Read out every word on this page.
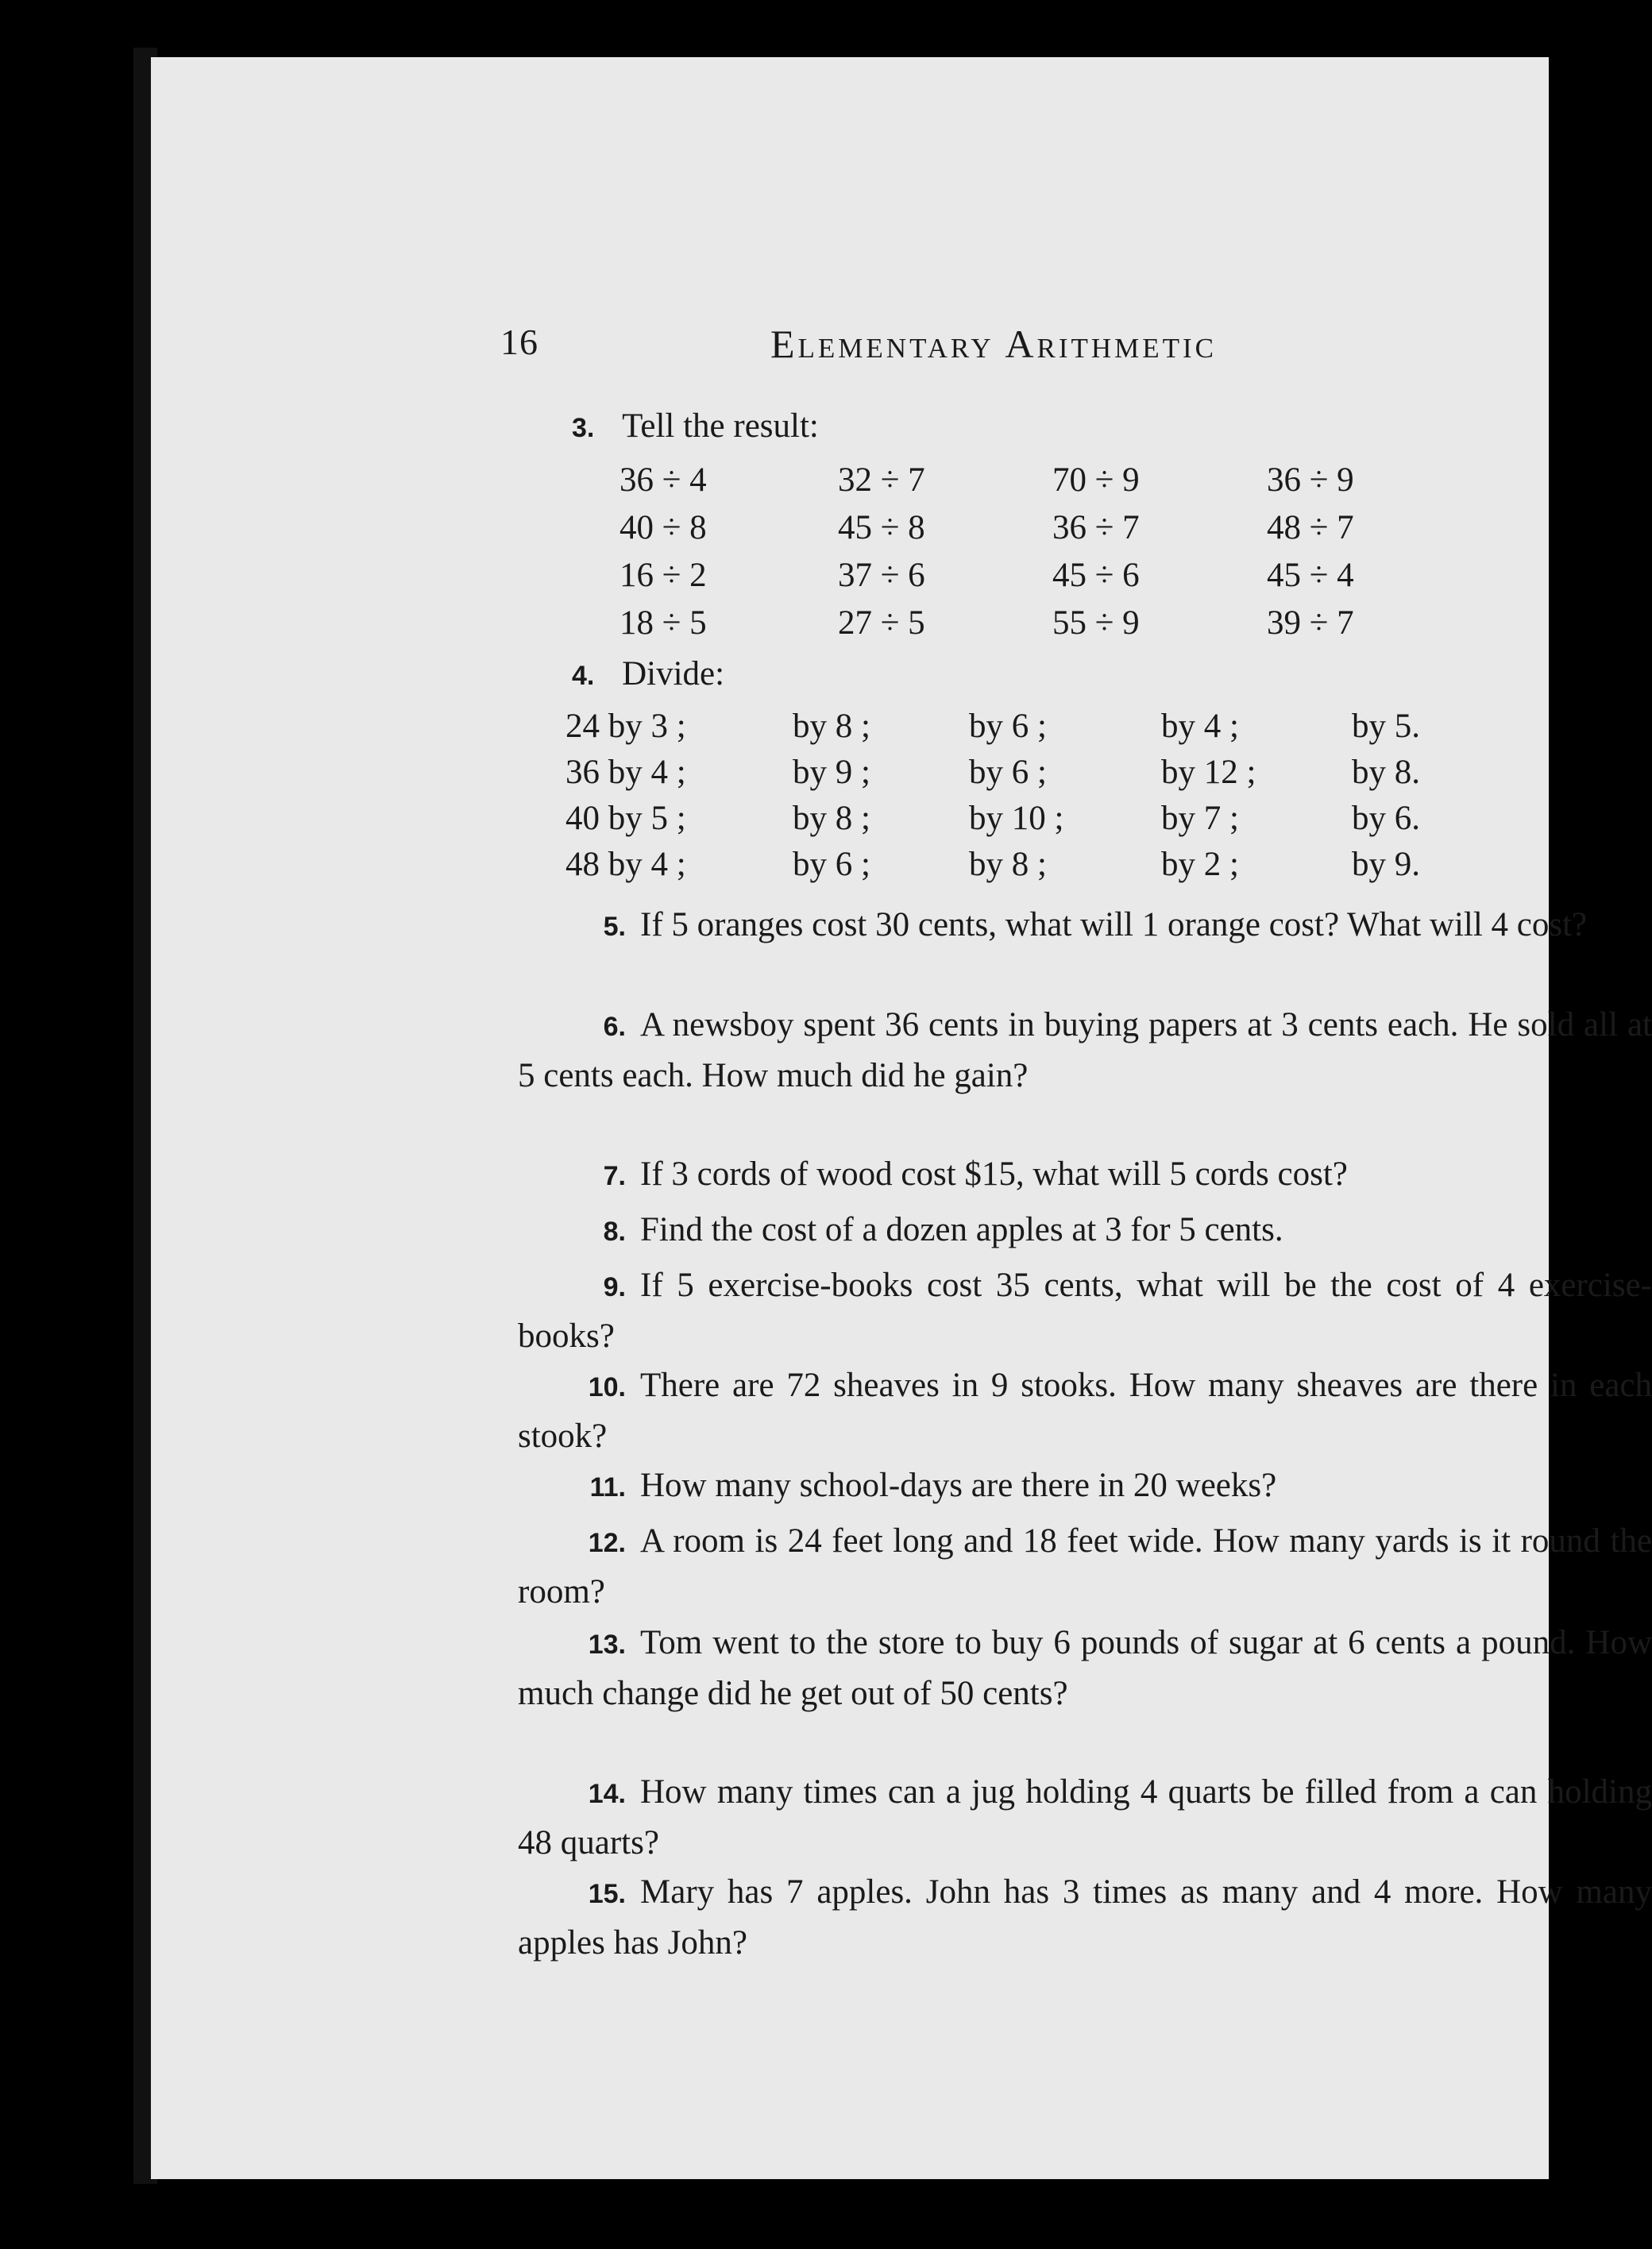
16	Elementary Arithmetic
3. Tell the result:
36 ÷ 4	32 ÷ 7	70 ÷ 9	36 ÷ 9
40 ÷ 8	45 ÷ 8	36 ÷ 7	48 ÷ 7
16 ÷ 2	37 ÷ 6	45 ÷ 6	45 ÷ 4
18 ÷ 5	27 ÷ 5	55 ÷ 9	39 ÷ 7
4. Divide:
24 by 3 ;	by 8 ;	by 6 ;	by 4 ;	by 5.
36 by 4 ;	by 9 ;	by 6 ;	by 12 ;	by 8.
40 by 5 ;	by 8 ;	by 10 ;	by 7 ;	by 6.
48 by 4 ;	by 6 ;	by 8 ;	by 2 ;	by 9.
5. If 5 oranges cost 30 cents, what will 1 orange cost? What will 4 cost?
6. A newsboy spent 36 cents in buying papers at 3 cents each. He sold all at 5 cents each. How much did he gain?
7. If 3 cords of wood cost $15, what will 5 cords cost?
8. Find the cost of a dozen apples at 3 for 5 cents.
9. If 5 exercise-books cost 35 cents, what will be the cost of 4 exercise-books?
10. There are 72 sheaves in 9 stooks. How many sheaves are there in each stook?
11. How many school-days are there in 20 weeks?
12. A room is 24 feet long and 18 feet wide. How many yards is it round the room?
13. Tom went to the store to buy 6 pounds of sugar at 6 cents a pound. How much change did he get out of 50 cents?
14. How many times can a jug holding 4 quarts be filled from a can holding 48 quarts?
15. Mary has 7 apples. John has 3 times as many and 4 more. How many apples has John?
